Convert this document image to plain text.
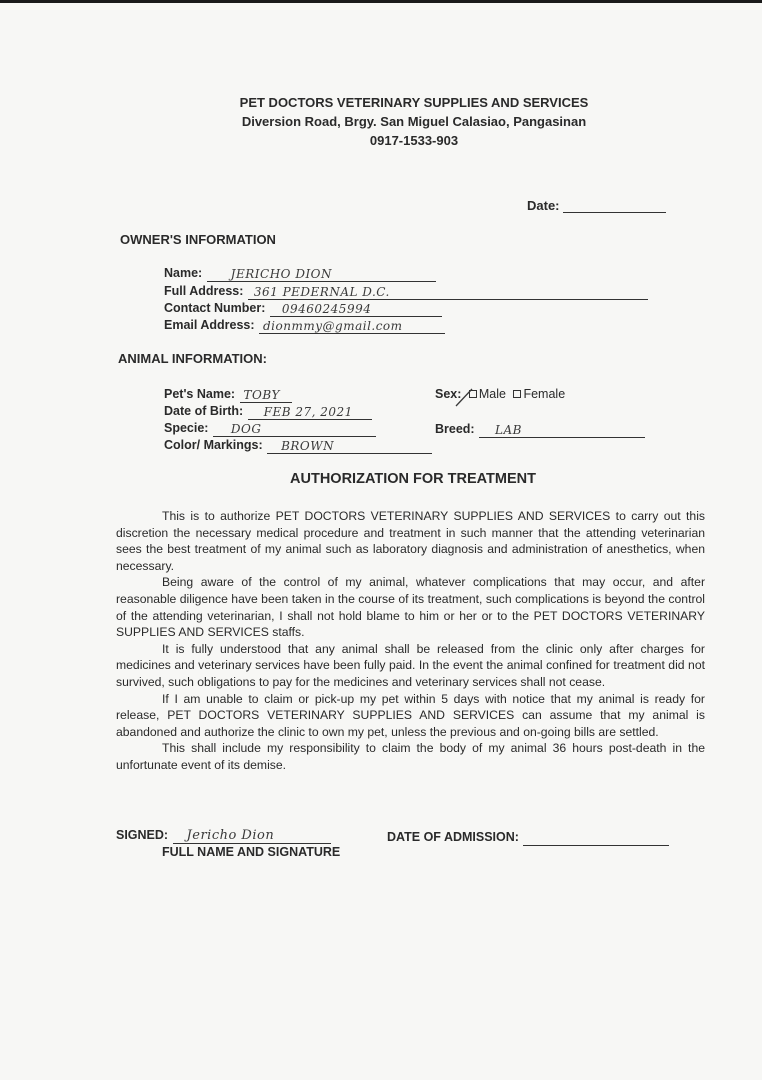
PET DOCTORS VETERINARY SUPPLIES AND SERVICES
Diversion Road, Brgy. San Miguel Calasiao, Pangasinan
0917-1533-903
Date:
OWNER'S INFORMATION
Name: JERICHO DION
Full Address: 361 PEDERNAL D.C.
Contact Number: 09460245994
Email Address: dionmmy@gmail.com
ANIMAL INFORMATION:
Pet's Name: TOBY
Date of Birth: FEB 27, 2021
Specie: DOG
Color/ Markings: BROWN
Sex: Male Female
Breed: LAB
AUTHORIZATION FOR TREATMENT

This is to authorize PET DOCTORS VETERINARY SUPPLIES AND SERVICES to carry out this discretion the necessary medical procedure and treatment in such manner that the attending veterinarian sees the best treatment of my animal such as laboratory diagnosis and administration of anesthetics, when necessary.

Being aware of the control of my animal, whatever complications that may occur, and after reasonable diligence have been taken in the course of its treatment, such complications is beyond the control of the attending veterinarian, I shall not hold blame to him or her or to the PET DOCTORS VETERINARY SUPPLIES AND SERVICES staffs.

It is fully understood that any animal shall be released from the clinic only after charges for medicines and veterinary services have been fully paid. In the event the animal confined for treatment did not survived, such obligations to pay for the medicines and veterinary services shall not cease.

If I am unable to claim or pick-up my pet within 5 days with notice that my animal is ready for release, PET DOCTORS VETERINARY SUPPLIES AND SERVICES can assume that my animal is abandoned and authorize the clinic to own my pet, unless the previous and on-going bills are settled.

This shall include my responsibility to claim the body of my animal 36 hours post-death in the unfortunate event of its demise.

SIGNED: Jericho Dion
FULL NAME AND SIGNATURE
DATE OF ADMISSION:
